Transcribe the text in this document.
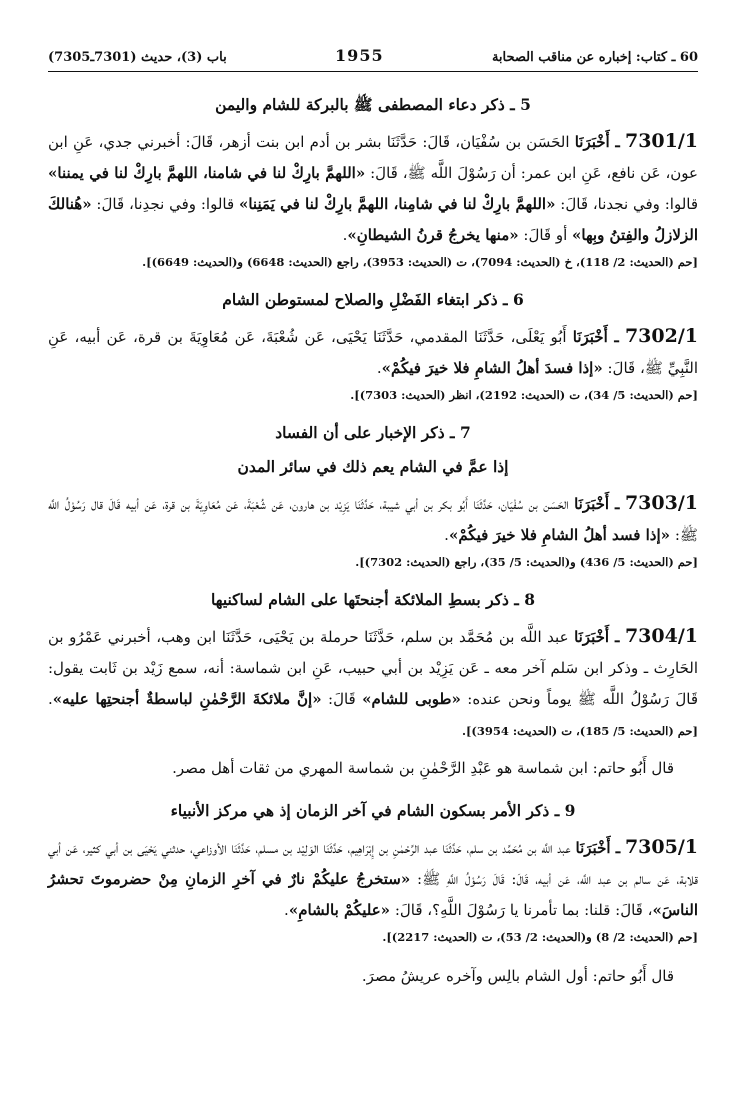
60 ـ كتاب: إخباره عن مناقب الصحابة
1955
باب (3)، حديث (7301ـ7305)
5 ـ ذكر دعاء المصطفى ﷺ بالبركة للشام واليمن

7301/1 ـ أَخْبَرَنَا الحَسَن بن سُفْيَان، قَالَ: حَدَّثَنَا بشر بن أدم ابن بنت أزهر، قَالَ: أخبرني جدي، عَنِ ابن عون، عَن نافع، عَنِ ابن عمر: أن رَسُوْلَ اللَّه ﷺ، قَالَ: «اللهمَّ بارِكْ لنا في شامنا، اللهمَّ بارِكْ لنا في يمننا» قالوا: وفي نجدنا، قَالَ: «اللهمَّ بارِكْ لنا في شامِنا، اللهمَّ بارِكْ لنا في يَمَنِنا» قالوا: وفي نجدِنا، قَالَ: «هُنالكَ الزلازلُ والفِتنُ وبِها» أو قَالَ: «منها يخرجُ قرنُ الشيطانِ».

[حم (الحديث: 2/ 118)، خ (الحديث: 7094)، ت (الحديث: 3953)، راجع (الحديث: 6648) و(الحديث: 6649)].
6 ـ ذكر ابتغاء الفَضْلِ والصلاح لمستوطن الشام

7302/1 ـ أَخْبَرَنَا أَبُو يَعْلَى، حَدَّثَنَا المقدمي، حَدَّثَنَا يَحْيَى، عَن شُعْبَةَ، عَن مُعَاوِيَةَ بن قرة، عَن أبيه، عَنِ النَّبِيِّ ﷺ، قَالَ: «إذا فسدَ أهلُ الشامِ فلا خيرَ فيكُمْ».

[حم (الحديث: 5/ 34)، ت (الحديث: 2192)، انظر (الحديث: 7303)].
7 ـ ذكر الإخبار على أن الفساد
إذا عمَّ في الشام يعم ذلك في سائر المدن

7303/1 ـ أَخْبَرَنَا الحَسَن بن سُفْيَان، حَدَّثَنَا أَبُو بكر بن أبي شيبة، حَدَّثَنَا يَزِيْد بن هارون، عَن شُعْبَةَ، عَن مُعَاوِيَةَ بن قرة، عَن أبيه قَالَ قال رَسُوْلُ اللَّه ﷺ: «إذا فسد أهلُ الشامِ فلا خيرَ فيكُمْ».

[حم (الحديث: 5/ 436) و(الحديث: 5/ 35)، راجع (الحديث: 7302)].
8 ـ ذكر بسطِ الملائكة أجنحتَها على الشام لساكنيها

7304/1 ـ أَخْبَرَنَا عبد اللَّه بن مُحَمَّد بن سلم، حَدَّثَنَا حرملة بن يَحْيَى، حَدَّثَنَا ابن وهب، أخبرني عَمْرُو بن الحَارِث ـ وذكر ابن سَلم آخر معه ـ عَن يَزِيْد بن أبي حبيب، عَنِ ابن شماسة: أنه، سمع زَيْد بن ثَابت يقول: قَالَ رَسُوْلُ اللَّه ﷺ يوماً ونحن عنده: «طوبى للشام» قَالَ: «إنَّ ملائكةَ الرَّحْمٰنِ لباسطةٌ أجنحتِها عليه». [حم (الحديث: 5/ 185)، ت (الحديث: 3954)].

قال أَبُو حاتم: ابن شماسة هو عَبْدِ الرَّحْمٰنِ بن شماسة المهري من ثقات أهل مصر.
9 ـ ذكر الأمر بسكون الشام في آخر الزمان إذ هي مركز الأنبياء

7305/1 ـ أَخْبَرَنَا عبد اللَّه بن مُحَمَّد بن سلم، حَدَّثَنَا عبد الرَّحْمٰنِ بن إِبْرَاهِيم، حَدَّثَنَا الوَلِيْد بن مسلم، حَدَّثَنَا الأوزاعي، حدثني يَحْيَى بن أبي كثير، عَن أبي قلابة، عَن سالم بن عبد اللَّه، عَن أبيه، قَالَ: قَالَ رَسُوْلُ اللَّهِ ﷺ: «ستخرجُ عليكُمْ نارٌ في آخرِ الزمانِ مِنْ حضرموتَ تحشرُ الناسَ»، قَالَ: قلنا: بما تأمرنا يا رَسُوْلَ اللَّهِ؟، قَالَ: «عليكُمْ بالشامِ».

[حم (الحديث: 2/ 8) و(الحديث: 2/ 53)، ت (الحديث: 2217)].
قال أَبُو حاتم: أول الشام بالِس وآخره عريشُ مصرَ.
